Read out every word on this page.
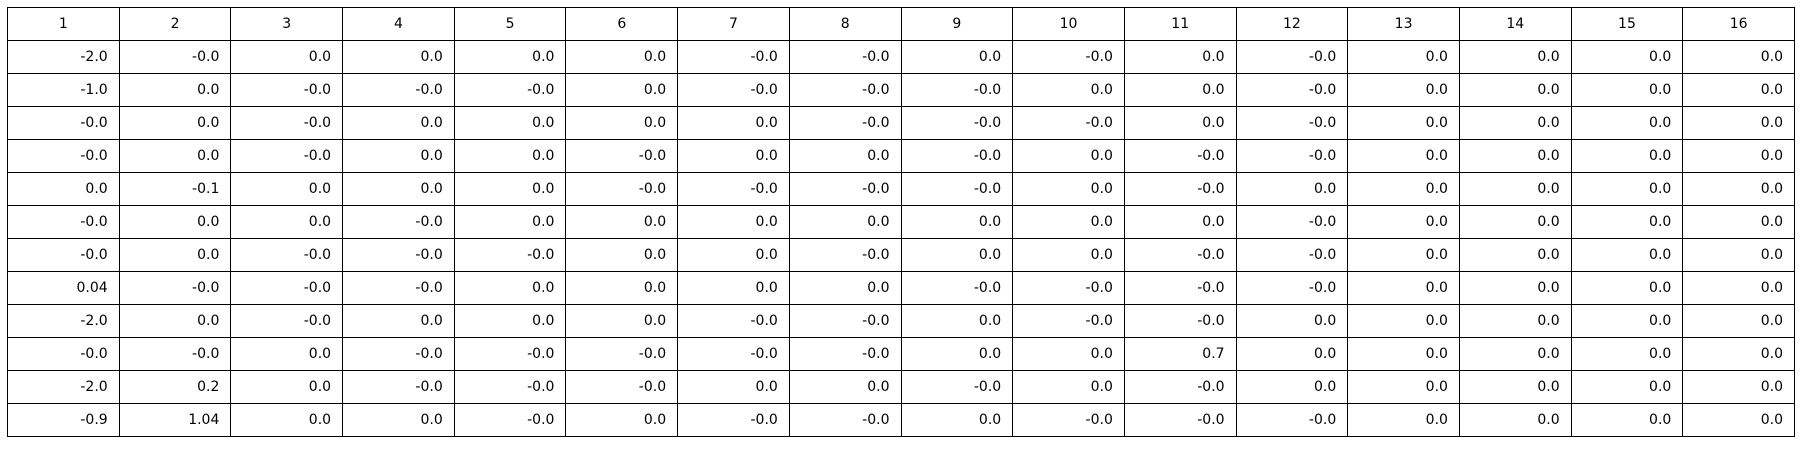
1	2	3	4	5	6	7	8	9	10	11	12	13	14	15	16
-2.0	-0.0	0.0	0.0	0.0	0.0	-0.0	-0.0	0.0	-0.0	0.0	-0.0	0.0	0.0	0.0	0.0
-1.0	0.0	-0.0	-0.0	-0.0	0.0	-0.0	-0.0	-0.0	0.0	0.0	-0.0	0.0	0.0	0.0	0.0
-0.0	0.0	-0.0	0.0	0.0	0.0	0.0	-0.0	-0.0	-0.0	0.0	-0.0	0.0	0.0	0.0	0.0
-0.0	0.0	-0.0	0.0	0.0	-0.0	0.0	0.0	-0.0	0.0	-0.0	-0.0	0.0	0.0	0.0	0.0
0.0	-0.1	0.0	0.0	0.0	-0.0	-0.0	-0.0	-0.0	0.0	-0.0	0.0	0.0	0.0	0.0	0.0
-0.0	0.0	0.0	-0.0	0.0	0.0	0.0	0.0	0.0	0.0	0.0	-0.0	0.0	0.0	0.0	0.0
-0.0	0.0	-0.0	-0.0	-0.0	0.0	0.0	-0.0	0.0	0.0	-0.0	-0.0	0.0	0.0	0.0	0.0
0.04	-0.0	-0.0	-0.0	0.0	0.0	0.0	0.0	-0.0	-0.0	-0.0	-0.0	0.0	0.0	0.0	0.0
-2.0	0.0	-0.0	0.0	0.0	0.0	-0.0	-0.0	0.0	-0.0	-0.0	0.0	0.0	0.0	0.0	0.0
-0.0	-0.0	0.0	-0.0	-0.0	-0.0	-0.0	-0.0	0.0	0.0	0.7	0.0	0.0	0.0	0.0	0.0
-2.0	0.2	0.0	-0.0	-0.0	-0.0	0.0	0.0	-0.0	0.0	-0.0	0.0	0.0	0.0	0.0	0.0
-0.9	1.04	0.0	0.0	-0.0	0.0	-0.0	-0.0	0.0	-0.0	-0.0	-0.0	0.0	0.0	0.0	0.0
